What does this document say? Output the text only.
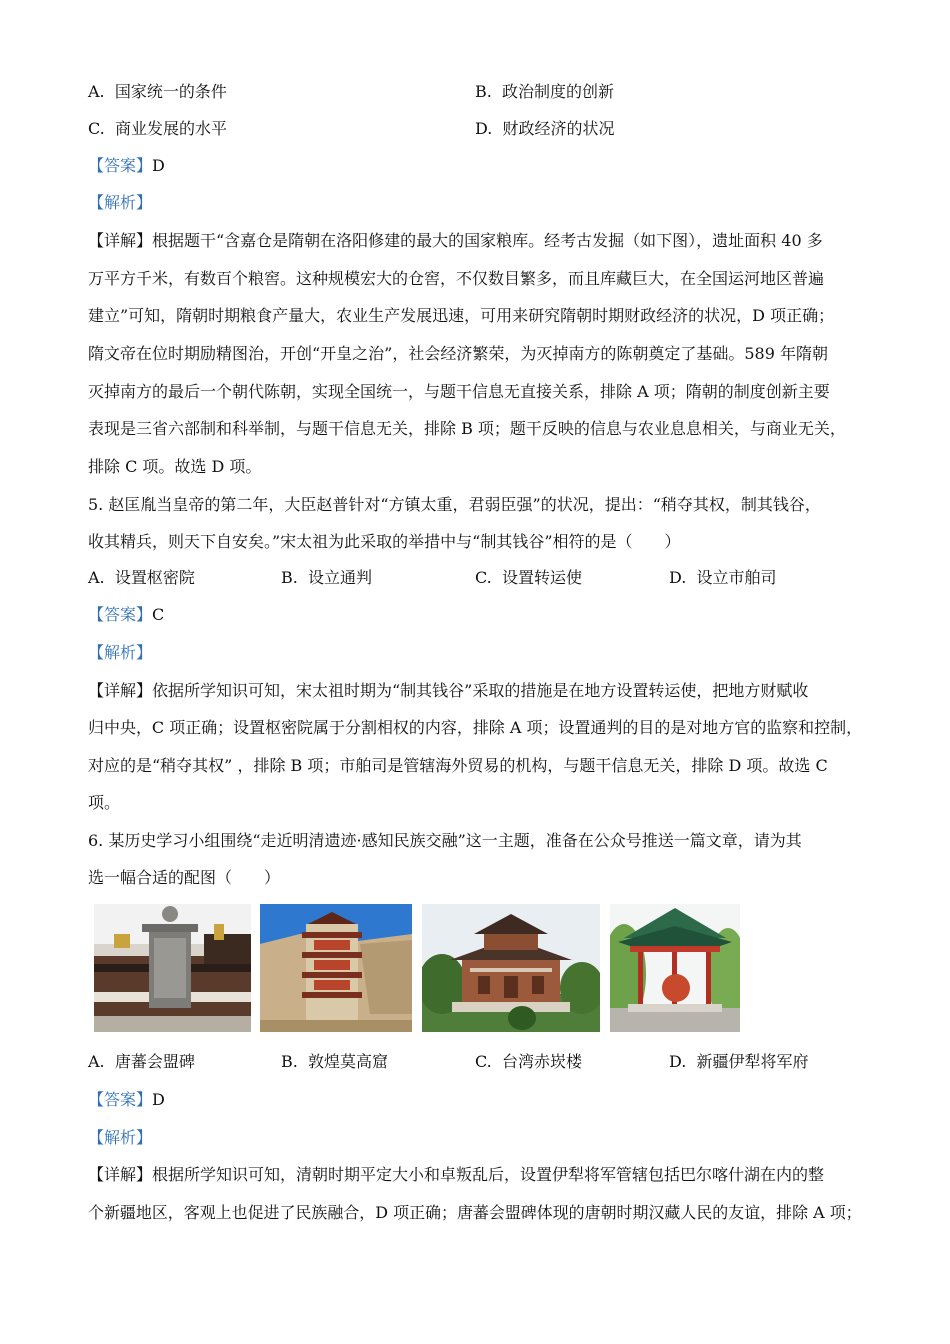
A. 国家统一的条件	B. 政治制度的创新
C. 商业发展的水平	D. 财政经济的状况
【答案】D
【解析】
【详解】根据题干“含嘉仓是隋朝在洛阳修建的最大的国家粮库。经考古发掘（如下图），遗址面积 40 多
万平方千米，有数百个粮窖。这种规模宏大的仓窖，不仅数目繁多，而且库藏巨大，在全国运河地区普遍
建立”可知，隋朝时期粮食产量大，农业生产发展迅速，可用来研究隋朝时期财政经济的状况，D 项正确；
隋文帝在位时期励精图治，开创“开皇之治”，社会经济繁荣，为灭掉南方的陈朝奠定了基础。589 年隋朝
灭掉南方的最后一个朝代陈朝，实现全国统一，与题干信息无直接关系，排除 A 项；隋朝的制度创新主要
表现是三省六部制和科举制，与题干信息无关，排除 B 项；题干反映的信息与农业息息相关，与商业无关，
排除 C 项。故选 D 项。
5. 赵匡胤当皇帝的第二年，大臣赵普针对“方镇太重，君弱臣强”的状况，提出：“稍夺其权，制其钱谷，
收其精兵，则天下自安矣。”宋太祖为此采取的举措中与“制其钱谷”相符的是（　　）
A. 设置枢密院	B. 设立通判	C. 设置转运使	D. 设立市舶司
【答案】C
【解析】
【详解】依据所学知识可知，宋太祖时期为“制其钱谷”采取的措施是在地方设置转运使，把地方财赋收
归中央，C 项正确；设置枢密院属于分割相权的内容，排除 A 项；设置通判的目的是对地方官的监察和控制，
对应的是“稍夺其权” ，排除 B 项；市舶司是管辖海外贸易的机构，与题干信息无关，排除 D 项。故选 C
项。
6. 某历史学习小组围绕“走近明清遗迹·感知民族交融”这一主题，准备在公众号推送一篇文章，请为其
选一幅合适的配图（　　）
A. 唐蕃会盟碑	B. 敦煌莫高窟	C. 台湾赤崁楼	D. 新疆伊犁将军府
【答案】D
【解析】
【详解】根据所学知识可知，清朝时期平定大小和卓叛乱后，设置伊犁将军管辖包括巴尔喀什湖在内的整
个新疆地区，客观上也促进了民族融合，D 项正确；唐蕃会盟碑体现的唐朝时期汉藏人民的友谊，排除 A 项；
